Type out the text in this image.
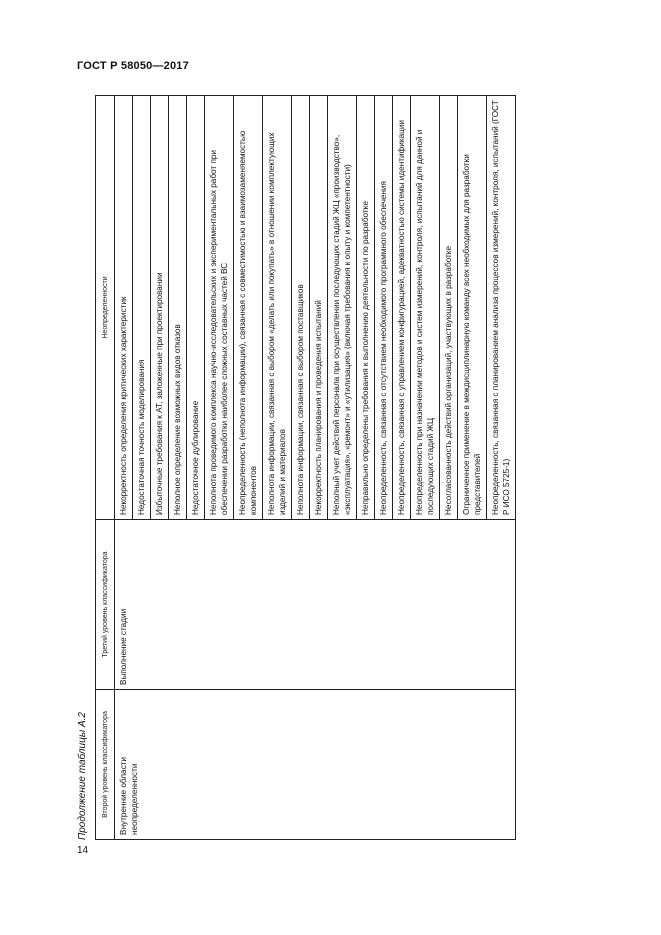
ГОСТ Р 58050—2017
Продолжение таблицы А.2 Второй уровень классификатора	Третий уровень классификатора	Неопределенности
Внутренние области неопределенности	Выполнение стадии	Некорректность определения критических характеристик
		Недостаточная точность моделирования
		Избыточные требования к АТ, заложенные при проектировании
		Неполное определение возможных видов отказов
		Недостаточное дублирование
		Неполнота проведимого комплекса научно-исследовательских и экспериментальных работ при обеспечении разработки наиболее сложных составных частей ВС
		Неопределенность (неполнота информации), связанная с совместимостью и взаимозаменяемостью компонентов
		Неполнота информации, связанная с выбором «делать или покупать» в отношении комплектующих изделий и материалов
		Неполнота информации, связанная с выбором поставщиков
		Некорректность планирования и проведения испытаний
		Неполный учет действий персонала при осуществлении последующих стадий ЖЦ «производство», «эксплуатация», «ремонт» и «утилизация» (включая требования к опыту и компетентности)
		Неправильно определены требования к выполнению деятельности по разработке
		Неопределенность, связанная с отсутствием необходимого программного обеспечения
		Неопределенность, связанная с управлением конфигурацией, адекватностью системы идентификации
		Неопределенность при назначении методов и систем измерений, контроля, испытаний для данной и последующих стадий ЖЦ
		Несогласованность действий организаций, участвующих в разработке
		Ограниченное применение в междисциплинарную команду всех необходимых для разработки представителей
		Неопределенность, связанная с планированием анализа процессов измерений, контроля, испытаний (ГОСТ Р ИСО 5725-1)
14
